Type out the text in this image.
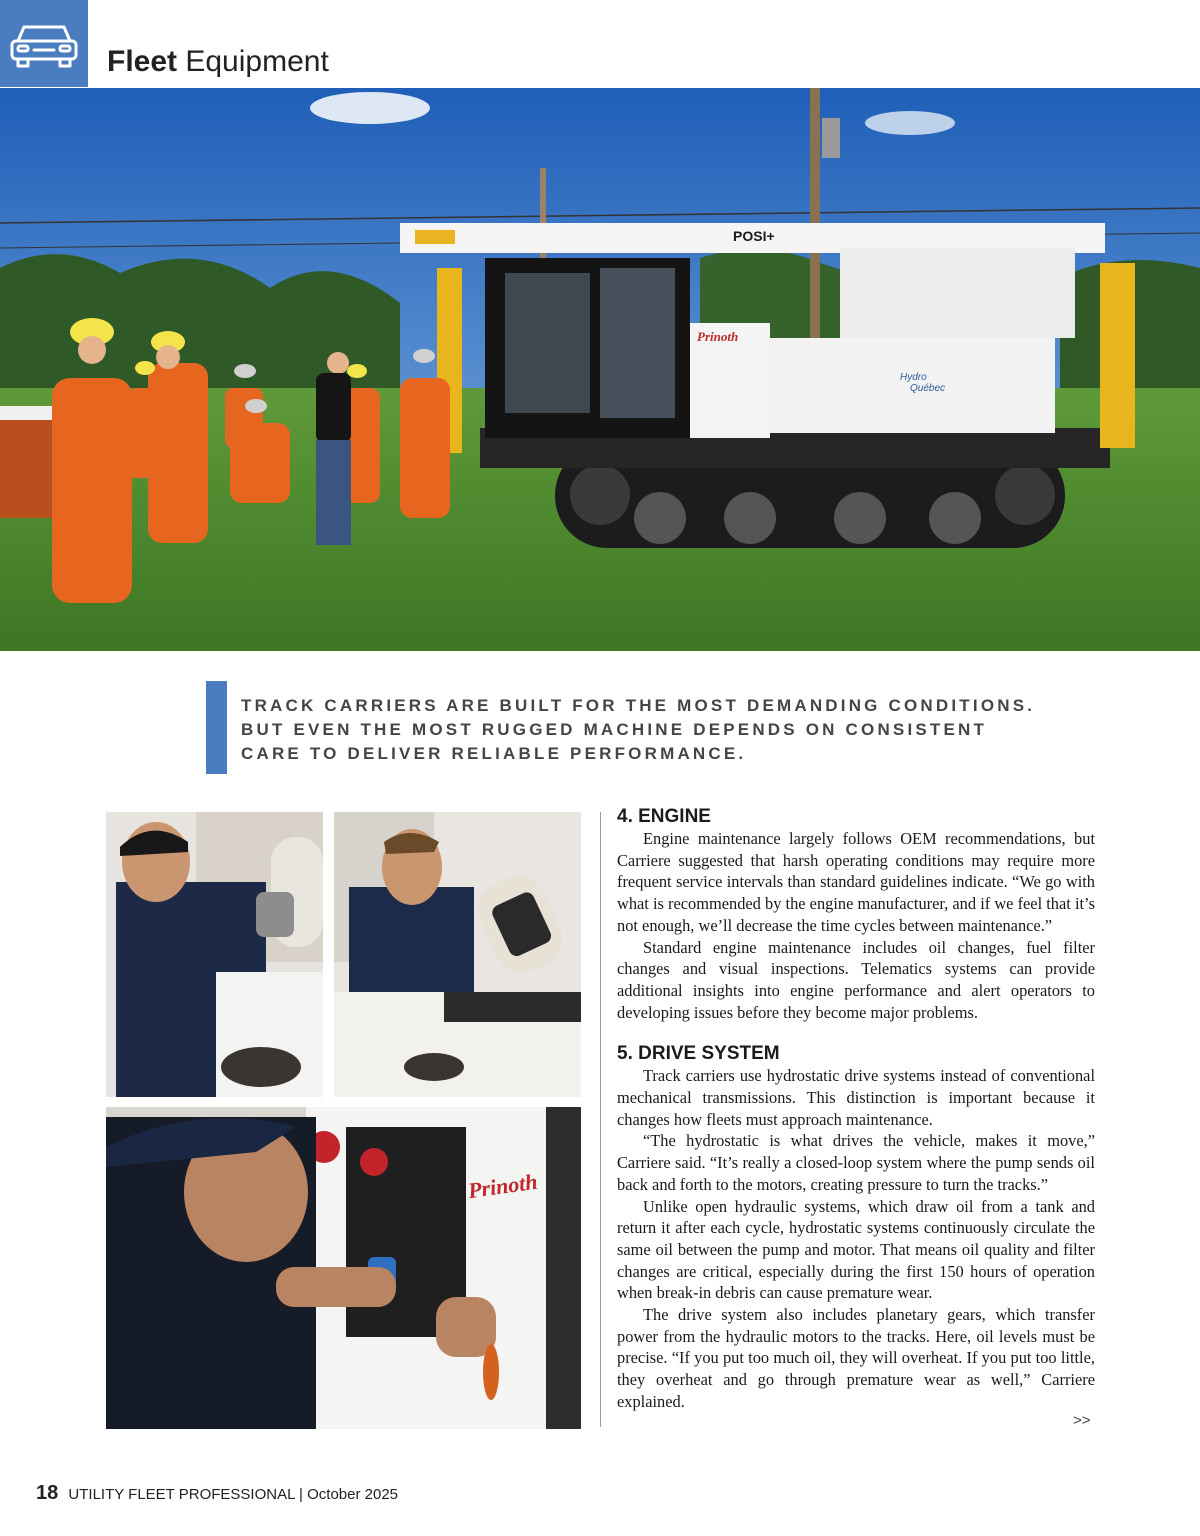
Fleet Equipment
POSI+
Prinoth
Hydro
Québec
TRACK CARRIERS ARE BUILT FOR THE MOST DEMANDING CONDITIONS.
BUT EVEN THE MOST RUGGED MACHINE DEPENDS ON CONSISTENT
CARE TO DELIVER RELIABLE PERFORMANCE.
Prinoth
4. ENGINE

Engine maintenance largely follows OEM recommendations, but Carriere suggested that harsh operating conditions may require more frequent service intervals than standard guidelines indicate. “We go with what is recommended by the engine manufacturer, and if we feel that it’s not enough, we’ll decrease the time cycles between maintenance.”

Standard engine maintenance includes oil changes, fuel filter changes and visual inspections. Telematics systems can provide additional insights into engine performance and alert operators to developing issues before they become major problems.

5. DRIVE SYSTEM

Track carriers use hydrostatic drive systems instead of conventional mechanical transmissions. This distinction is important because it changes how fleets must approach maintenance.

“The hydrostatic is what drives the vehicle, makes it move,” Carriere said. “It’s really a closed-loop system where the pump sends oil back and forth to the motors, creating pressure to turn the tracks.”

Unlike open hydraulic systems, which draw oil from a tank and return it after each cycle, hydrostatic systems continuously circulate the same oil between the pump and motor. That means oil quality and filter changes are critical, especially during the first 150 hours of operation when break-in debris can cause premature wear.

The drive system also includes planetary gears, which transfer power from the hydraulic motors to the tracks. Here, oil levels must be precise. “If you put too much oil, they will overheat. If you put too little, they overheat and go through premature wear as well,” Carriere explained.

>>
18 UTILITY FLEET PROFESSIONAL | October 2025
